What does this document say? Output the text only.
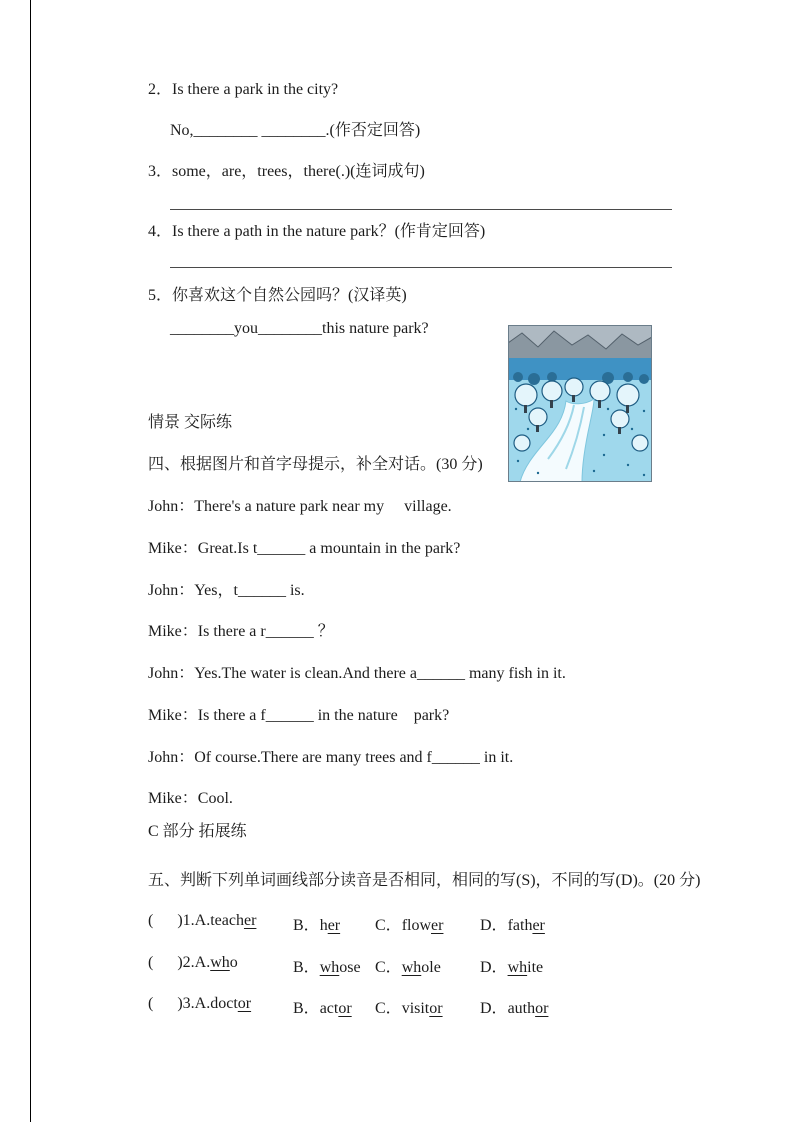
2．Is there a park in the city?
No,________ ________.(作否定回答)
3．some，are，trees，there(.)(连词成句)
4．Is there a path in the nature park？(作肯定回答)
5．你喜欢这个自然公园吗？(汉译英)
________you________this nature park?
情景 交际练
四、根据图片和首字母提示，补全对话。(30 分)
John：There's a nature park near my     village.
Mike：Great.Is t______ a mountain in the park?
John：Yes，t______ is.
Mike：Is there a r______ ？
John：Yes.The water is clean.And there a______ many fish in it.
Mike：Is there a f______ in the nature    park?
John：Of course.There are many trees and f______ in it.
Mike：Cool.
C 部分 拓展练
五、判断下列单词画线部分读音是否相同，相同的写(S)，不同的写(D)。(20 分)
(      )1.A.teacher B．her C．flower D．father
(      )2.A.who	B．whose C．whole D．white
(      )3.A.doctor	B．actor C．visitor D．author
